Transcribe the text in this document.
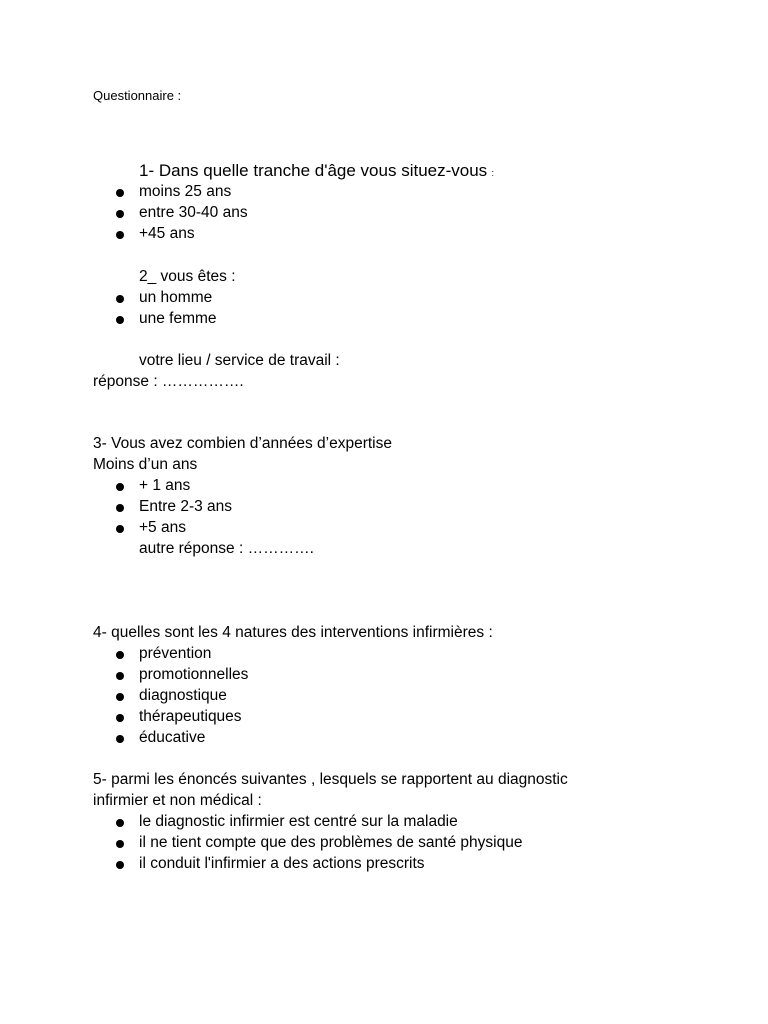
Questionnaire :
1- Dans quelle tranche d'âge vous situez-vous :
moins 25 ans
entre 30-40 ans
+45 ans
2_ vous êtes :
un homme
une femme
votre lieu / service de travail :
réponse : …………….
3- Vous avez combien d’années d’expertise
Moins d’un ans
+ 1 ans
Entre 2-3 ans
+5 ans
autre réponse : ………….
4- quelles sont les 4 natures des interventions infirmières :
prévention
promotionnelles
diagnostique
thérapeutiques
éducative
5- parmi les énoncés suivantes , lesquels se rapportent au diagnostic
infirmier et non médical :
le diagnostic infirmier est centré sur la maladie
il ne tient compte que des problèmes de santé physique
il conduit l'infirmier a des actions prescrits
